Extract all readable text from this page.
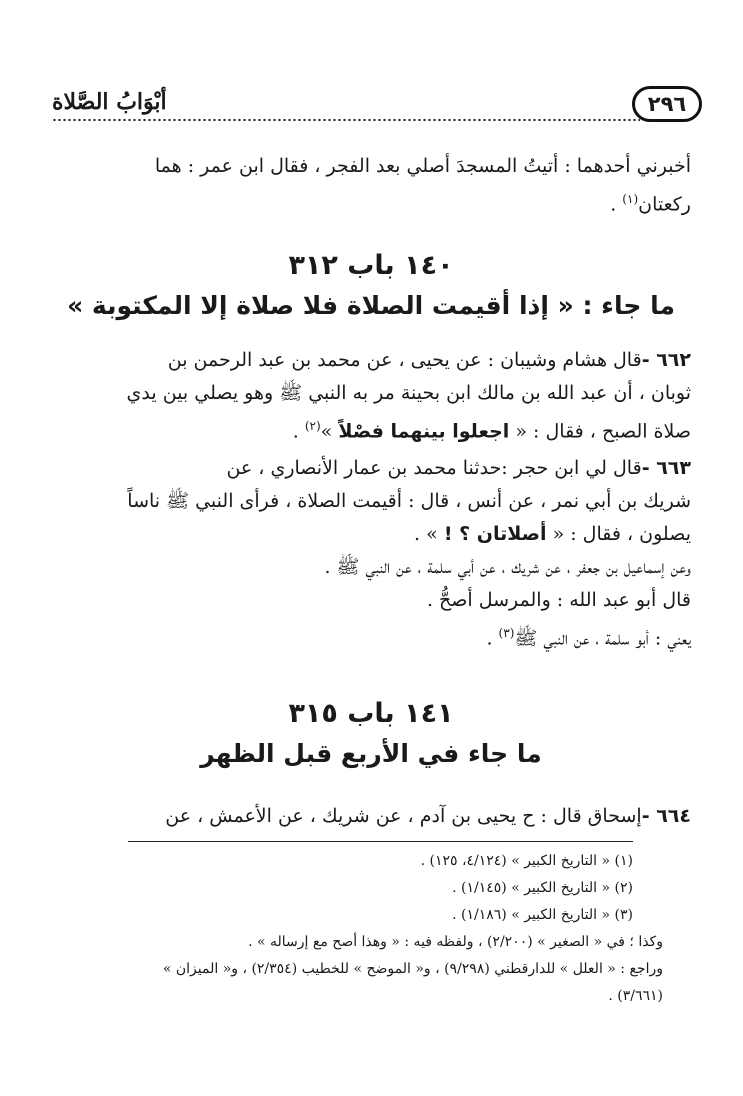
٢٩٦
أبْوَابُ الصَّلاة
أخبرني أحدهما : أتيتُ المسجدَ أصلي بعد الفجر ، فقال ابن عمر : هما
ركعتان$^{(١)}$ .
١٤٠ باب ٣١٢
ما جاء : « إذا أقيمت الصلاة فلا صلاة إلا المكتوبة »
٦٦٢ -قال هشام وشيبان : عن يحيى ، عن محمد بن عبد الرحمن بن
ثوبان ، أن عبد الله بن مالك ابن بحينة مر به النبي ﷺ وهو يصلي بين يدي
صلاة الصبح ، فقال : « اجعلوا بينهما فصْلاً »$^{(٢)}$ .
٦٦٣ -قال لي ابن حجر :حدثنا محمد بن عمار الأنصاري ، عن
شريك بن أبي نمر ، عن أنس ، قال : أقيمت الصلاة ، فرأى النبي ﷺ ناساً
يصلون ، فقال : « أصلاتان ؟ ! » .
وعن إسماعيل بن جعفر ، عن شريك ، عن أبي سلمة ، عن النبي ﷺ .
قال أبو عبد الله : والمرسل أصحُّ .
يعني : أبو سلمة ، عن النبي ﷺ$^{(٣)}$ .
١٤١ باب ٣١٥
ما جاء في الأربع قبل الظهر
٦٦٤ -إسحاق قال : ح يحيى بن آدم ، عن شريك ، عن الأعمش ، عن

(١) « التاريخ الكبير » (٤/١٢٤، ١٢٥) .

(٢) « التاريخ الكبير » (١/١٤٥) .

(٣) « التاريخ الكبير » (١/١٨٦) .

وكذا ؛ في « الصغير » (٢/٢٠٠) ، ولفظه فيه : « وهذا أصح مع إرساله » .

وراجع : « العلل » للدارقطني (٩/٢٩٨) ، و« الموضح » للخطيب (٢/٣٥٤) ، و« الميزان »

(٣/٦٦١) .
